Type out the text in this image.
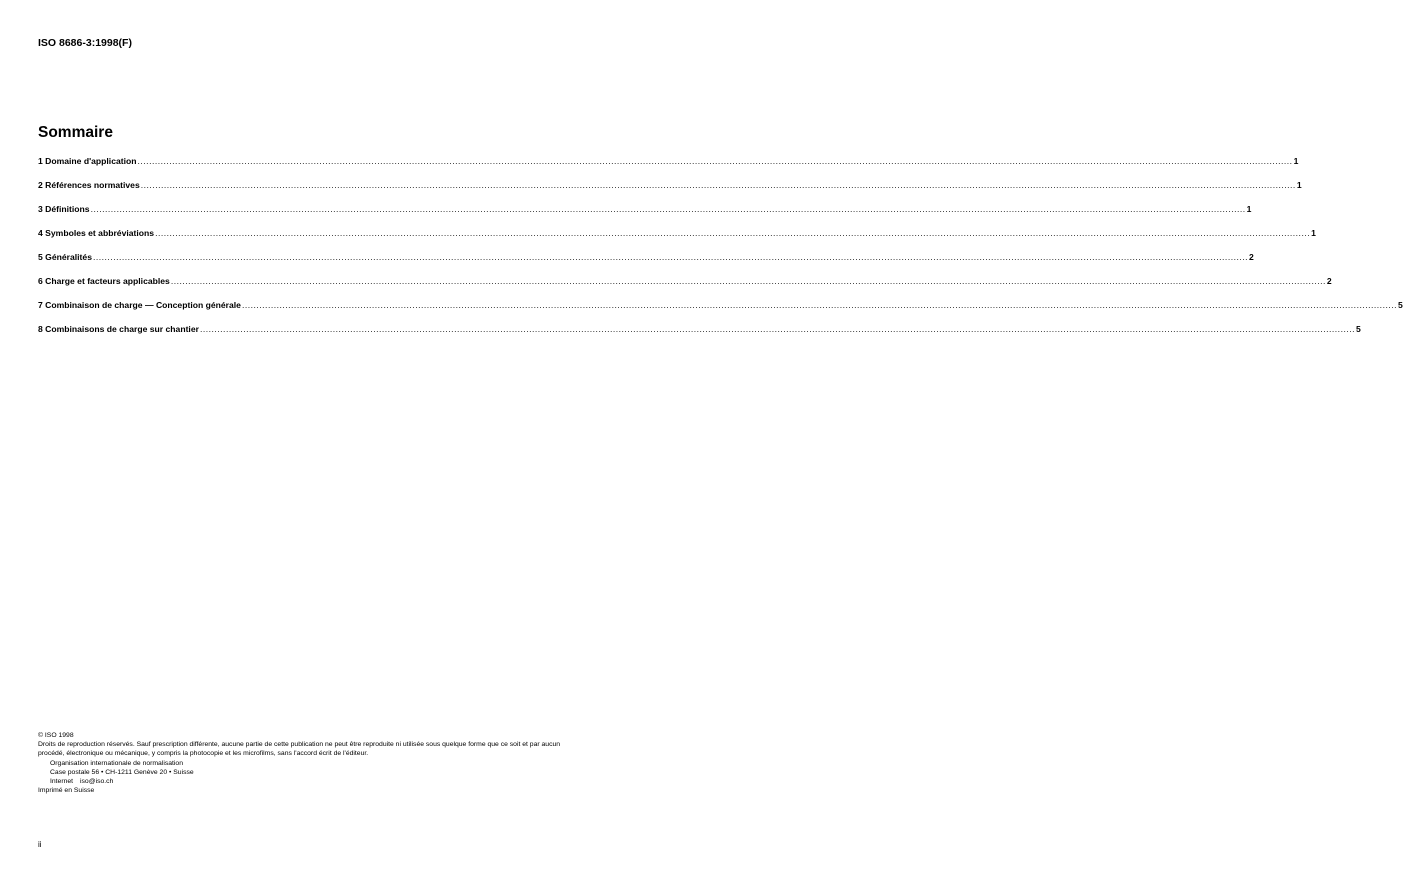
ISO 8686-3:1998(F)
Sommaire
1 Domaine d'application ................................................................................................................................................................................................................................................................................................................................................................................................................ 1
2 Références normatives ................................................................................................................................................................................................................................................................................................................................................................................................................ 1
3 Définitions ................................................................................................................................................................................................................................................................................................................................................................................................................ 1
4 Symboles et abbréviations ................................................................................................................................................................................................................................................................................................................................................................................................................ 1
5 Généralités ................................................................................................................................................................................................................................................................................................................................................................................................................ 2
6 Charge et facteurs applicables ................................................................................................................................................................................................................................................................................................................................................................................................................ 2
7 Combinaison de charge — Conception générale ................................................................................................................................................................................................................................................................................................................................................................................................................ 5
8 Combinaisons de charge sur chantier ................................................................................................................................................................................................................................................................................................................................................................................................................ 5
© ISO 1998
Droits de reproduction réservés. Sauf prescription différente, aucune partie de cette publication ne peut être reproduite ni utilisée sous quelque forme que ce soit et par aucun procédé, électronique ou mécanique, y compris la photocopie et les microfilms, sans l'accord écrit de l'éditeur.
Organisation internationale de normalisation
Case postale 56 • CH-1211 Genève 20 • Suisse
Internet iso@iso.ch
Imprimé en Suisse
ii
